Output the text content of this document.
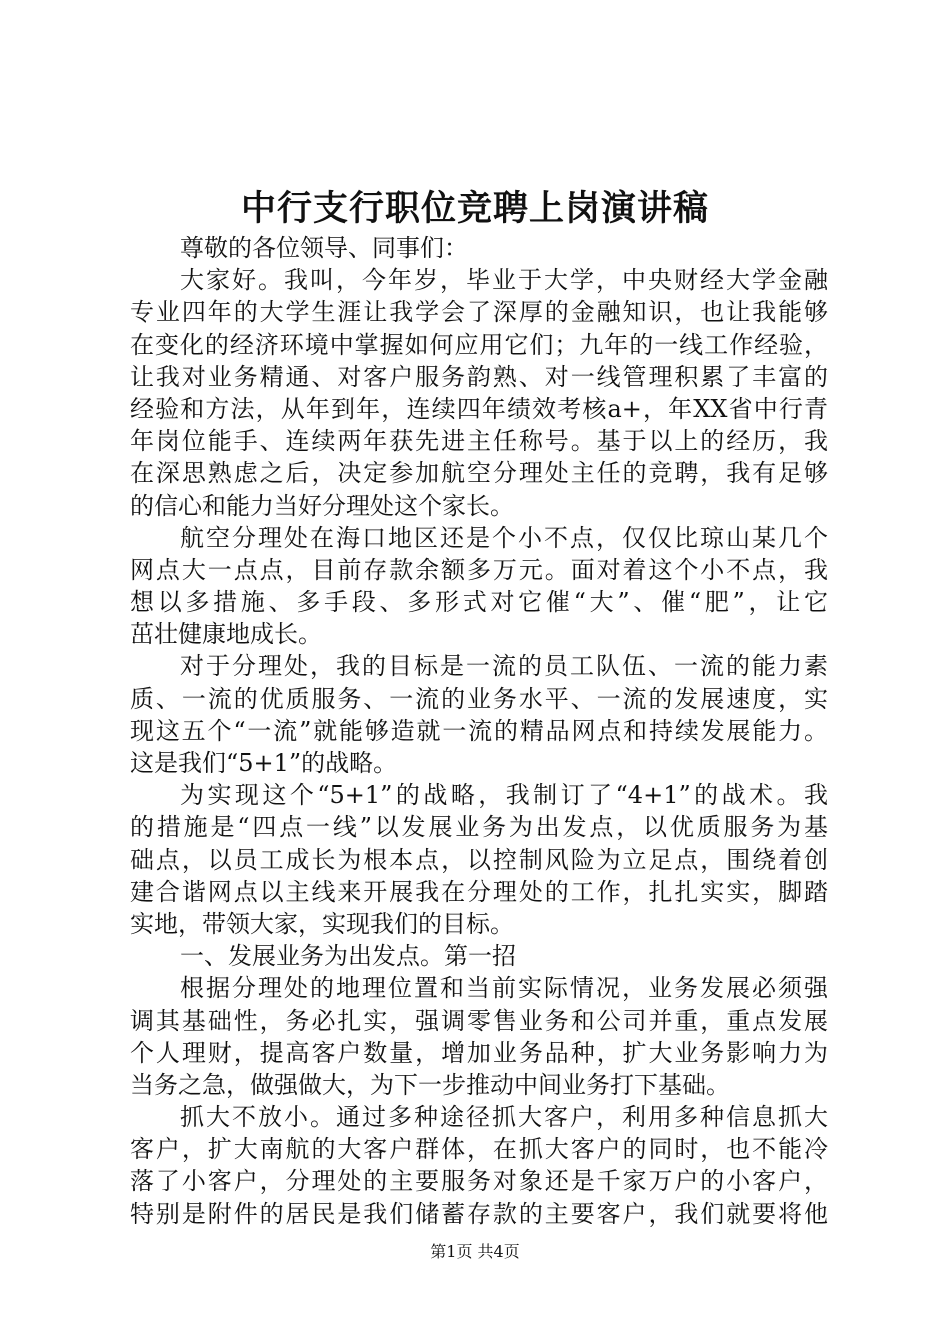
中行支行职位竞聘上岗演讲稿
尊敬的各位领导、同事们：
大家好。我叫，今年岁，毕业于大学，中央财经大学金融
专业四年的大学生涯让我学会了深厚的金融知识，也让我能够
在变化的经济环境中掌握如何应用它们；九年的一线工作经验，
让我对业务精通、对客户服务韵熟、对一线管理积累了丰富的
经验和方法，从年到年，连续四年绩效考核a+，年XX省中行青
年岗位能手、连续两年获先进主任称号。基于以上的经历，我
在深思熟虑之后，决定参加航空分理处主任的竞聘，我有足够
的信心和能力当好分理处这个家长。
航空分理处在海口地区还是个小不点，仅仅比琼山某几个
网点大一点点，目前存款余额多万元。面对着这个小不点，我
想以多措施、多手段、多形式对它催“大”、催“肥”，让它
茁壮健康地成长。
对于分理处，我的目标是一流的员工队伍、一流的能力素
质、一流的优质服务、一流的业务水平、一流的发展速度，实
现这五个“一流”就能够造就一流的精品网点和持续发展能力。
这是我们“5+1”的战略。
为实现这个“5+1”的战略，我制订了“4+1”的战术。我
的措施是“四点一线”以发展业务为出发点，以优质服务为基
础点，以员工成长为根本点，以控制风险为立足点，围绕着创
建合谐网点以主线来开展我在分理处的工作，扎扎实实，脚踏
实地，带领大家，实现我们的目标。
一、发展业务为出发点。第一招
根据分理处的地理位置和当前实际情况，业务发展必须强
调其基础性，务必扎实，强调零售业务和公司并重，重点发展
个人理财，提高客户数量，增加业务品种，扩大业务影响力为
当务之急，做强做大，为下一步推动中间业务打下基础。
抓大不放小。通过多种途径抓大客户，利用多种信息抓大
客户，扩大南航的大客户群体，在抓大客户的同时，也不能冷
落了小客户，分理处的主要服务对象还是千家万户的小客户，
特别是附件的居民是我们储蓄存款的主要客户，我们就要将他
第1页 共4页
